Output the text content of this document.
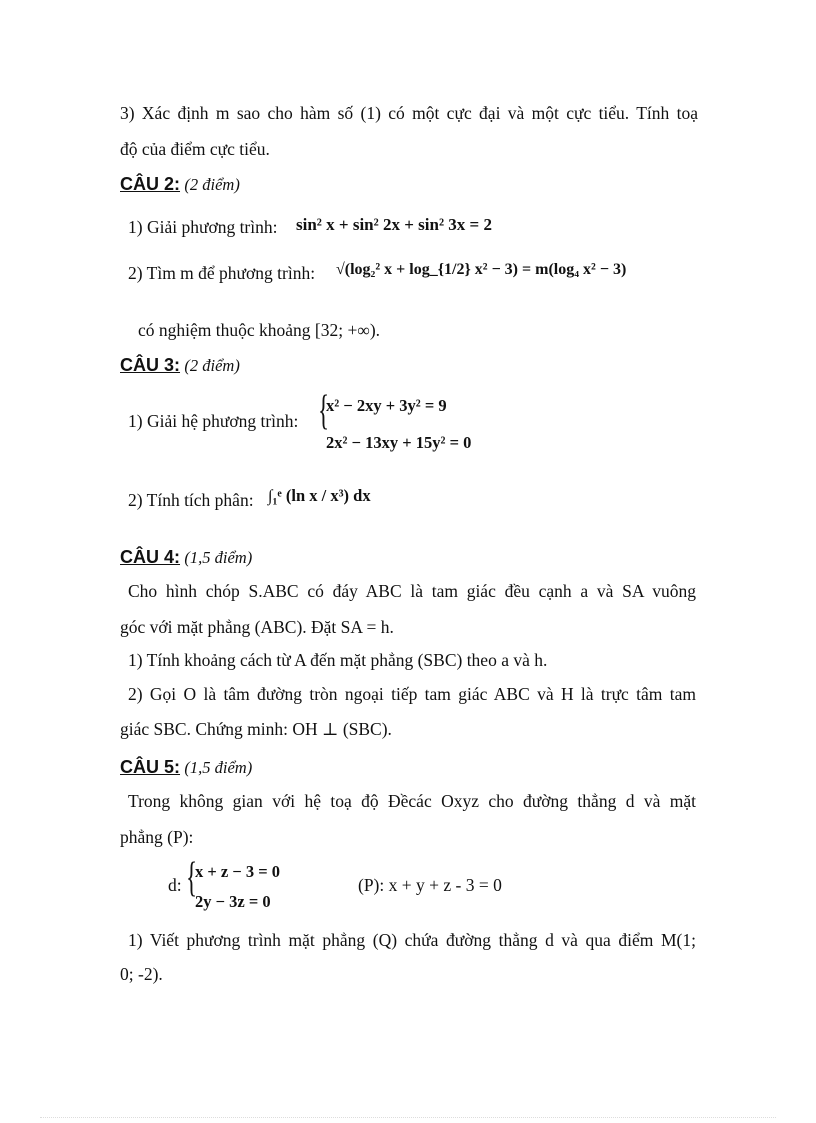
3) Xác định m sao cho hàm số (1) có một cực đại và một cực tiểu. Tính toạ
độ của điểm cực tiểu.
CÂU 2: (2 điểm)
1) Giải phương trình: sin² x + sin² 2x + sin² 3x = 2
2) Tìm m để phương trình: √(log₂² x + log_{1/2} x² − 3) = m(log₄ x² − 3)
có nghiệm thuộc khoảng [32; +∞).
CÂU 3: (2 điểm)
1) Giải hệ phương trình: {
x² − 2xy + 3y² = 9
2x² − 13xy + 15y² = 0
2) Tính tích phân: ∫₁ᵉ (ln x / x³) dx
CÂU 4: (1,5 điểm)
Cho hình chóp S.ABC có đáy ABC là tam giác đều cạnh a và SA vuông
góc với mặt phẳng (ABC). Đặt SA = h.
1) Tính khoảng cách từ A đến mặt phẳng (SBC) theo a và h.
2) Gọi O là tâm đường tròn ngoại tiếp tam giác ABC và H là trực tâm tam
giác SBC. Chứng minh: OH ⊥ (SBC).
CÂU 5: (1,5 điểm)
Trong không gian với hệ toạ độ Đềcác Oxyz cho đường thẳng d và mặt
phẳng (P):
d: {
x + z − 3 = 0
2y − 3z = 0
(P): x + y + z - 3 = 0
1) Viết phương trình mặt phẳng (Q) chứa đường thẳng d và qua điểm M(1;
0; -2).
